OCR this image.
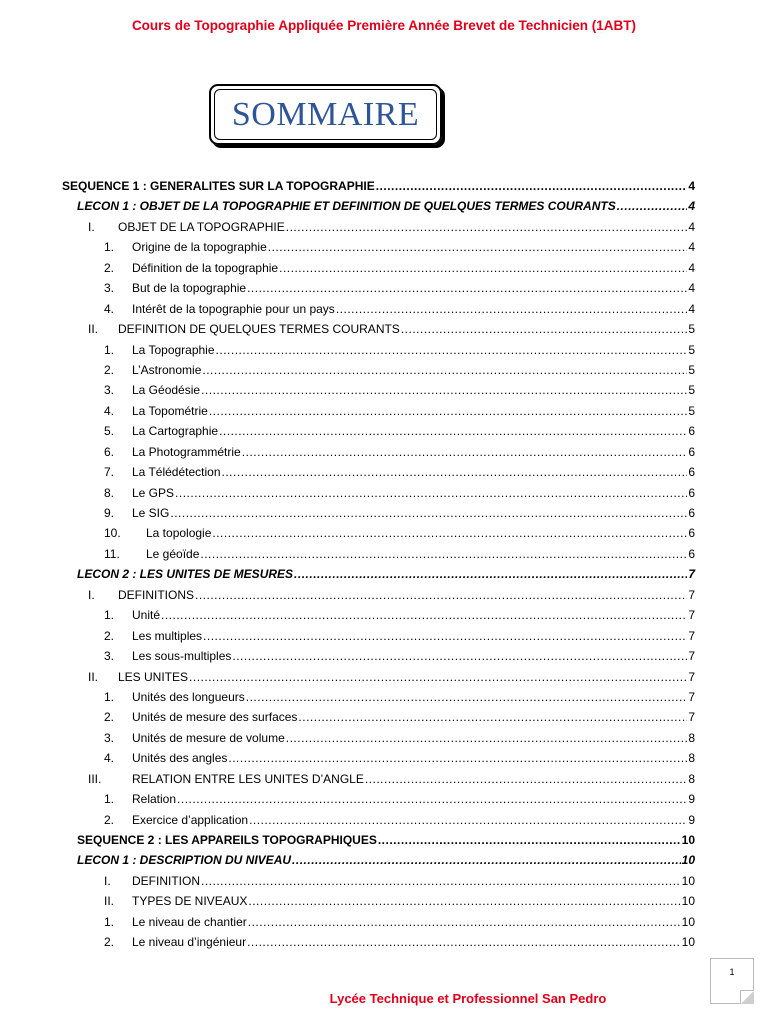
Cours de Topographie Appliquée Première Année Brevet de Technicien (1ABT)
SOMMAIRE
SEQUENCE 1 : GENERALITES SUR LA TOPOGRAPHIE .....	4
LECON 1 : OBJET DE LA TOPOGRAPHIE ET DEFINITION DE QUELQUES TERMES COURANTS .....	4
I.	OBJET DE LA TOPOGRAPHIE .....	4
1.	Origine de la topographie .....	4
2.	Définition de la topographie .....	4
3.	But de la topographie .....	4
4.	Intérêt de la topographie pour un pays .....	4
II.	DEFINITION DE QUELQUES TERMES COURANTS .....	5
1.	La Topographie .....	5
2.	L’Astronomie .....	5
3.	La Géodésie .....	5
4.	La Topométrie .....	5
5.	La Cartographie .....	6
6.	La Photogrammétrie .....	6
7.	La Télédétection .....	6
8.	Le GPS .....	6
9.	Le SIG .....	6
10.	La topologie .....	6
11.	Le géoïde .....	6
LECON 2 : LES UNITES DE MESURES .....	7
I.	DEFINITIONS .....	7
1.	Unité .....	7
2.	Les multiples .....	7
3.	Les sous-multiples .....	7
II.	LES UNITES .....	7
1.	Unités des longueurs .....	7
2.	Unités de mesure des surfaces .....	7
3.	Unités de mesure de volume .....	8
4.	Unités des angles .....	8
III.	RELATION ENTRE LES UNITES D’ANGLE .....	8
1.	Relation .....	9
2.	Exercice d’application .....	9
SEQUENCE 2 : LES APPAREILS TOPOGRAPHIQUES .....	10
LECON 1 : DESCRIPTION DU NIVEAU .....	10
I.	DEFINITION .....	10
II.	TYPES DE NIVEAUX .....	10
1.	Le niveau de chantier .....	10
2.	Le niveau d’ingénieur .....	10
1
Lycée Technique et Professionnel San Pedro
